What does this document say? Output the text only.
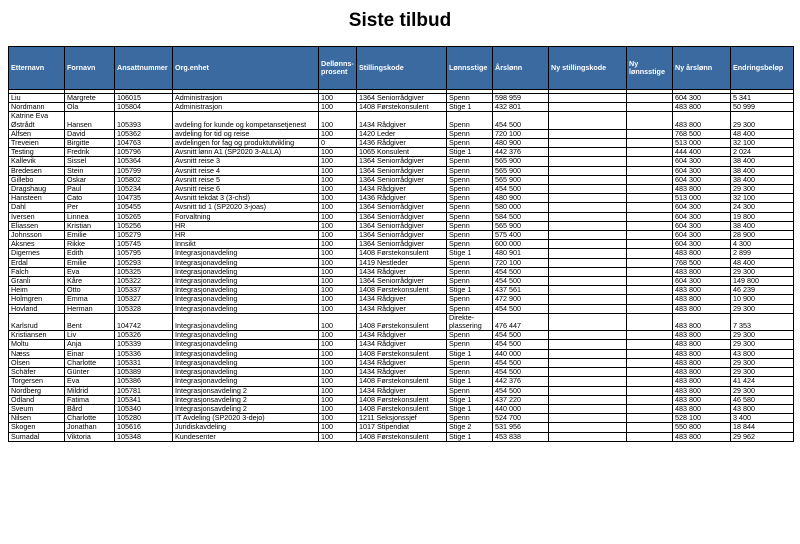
Siste tilbud
Etternavn	Fornavn	Ansattnummer	Org.enhet	Dellønns-prosent	Stillingskode	Lønnsstige	Årslønn	Ny stillingskode	Ny lønnsstige	Ny årslønn	Endringsbeløp

Liu	Margrete	106015	Administrasjon	100	1364 Seniorrådgiver	Spenn	598 959			604 300	5 341
Nordmann	Ola	105804	Administrasjon	100	1408 Førstekonsulent	Stige 1	432 801			483 800	50 999
Katrine Eva Østrådt	Hansen	105393	avdeling for kunde og kompetansetjenest	100	1434 Rådgiver	Spenn	454 500			483 800	29 300
Alfsen	David	105362	avdeling for tid og reise	100	1420 Leder	Spenn	720 100			768 500	48 400
Treveien	Birgitte	104763	avdelingen for fag og produktutvikling	0	1436 Rådgiver	Spenn	480 900			513 000	32 100
Testing	Fredrik	105796	Avsnitt lønn A1 (SP2020 3-ALLA)	100	1065 Konsulent	Stige 1	442 376			444 400	2 024
Kallevik	Sissel	105364	Avsnitt reise 3	100	1364 Seniorrådgiver	Spenn	565 900			604 300	38 400
Bredesen	Stein	105799	Avsnitt reise 4	100	1364 Seniorrådgiver	Spenn	565 900			604 300	38 400
Gillebo	Oskar	105802	Avsnitt reise 5	100	1364 Seniorrådgiver	Spenn	565 900			604 300	38 400
Dragshaug	Paul	105234	Avsnitt reise 6	100	1434 Rådgiver	Spenn	454 500			483 800	29 300
Hansteen	Cato	104735	Avsnitt tekdat 3 (3-chsl)	100	1436 Rådgiver	Spenn	480 900			513 000	32 100
Dahl	Per	105455	Avsnitt tid 1 (SP2020 3-joas)	100	1364 Seniorrådgiver	Spenn	580 000			604 300	24 300
Iversen	Linnea	105265	Forvaltning	100	1364 Seniorrådgiver	Spenn	584 500			604 300	19 800
Eliassen	Kristian	105256	HR	100	1364 Seniorrådgiver	Spenn	565 900			604 300	38 400
Johnsson	Emilie	105279	HR	100	1364 Seniorrådgiver	Spenn	575 400			604 300	28 900
Aksnes	Rikke	105745	Innsikt	100	1364 Seniorrådgiver	Spenn	600 000			604 300	4 300
Digernes	Edith	105795	Integrasjonavdeling	100	1408 Førstekonsulent	Stige 1	480 901			483 800	2 899
Erdal	Emilie	105293	Integrasjonavdeling	100	1419 Nestleder	Spenn	720 100			768 500	48 400
Falch	Eva	105325	Integrasjonavdeling	100	1434 Rådgiver	Spenn	454 500			483 800	29 300
Granli	Kåre	105322	Integrasjonavdeling	100	1364 Seniorrådgiver	Spenn	454 500			604 300	149 800
Heim	Otto	105337	Integrasjonavdeling	100	1408 Førstekonsulent	Stige 1	437 561			483 800	46 239
Holmgren	Emma	105327	Integrasjonavdeling	100	1434 Rådgiver	Spenn	472 900			483 800	10 900
Hovland	Herman	105328	Integrasjonavdeling	100	1434 Rådgiver	Spenn	454 500			483 800	29 300
Karlsrud	Bent	104742	Integrasjonavdeling	100	1408 Førstekonsulent	Direkte-plassering	476 447			483 800	7 353
Kristiansen	Liv	105326	Integrasjonavdeling	100	1434 Rådgiver	Spenn	454 500			483 800	29 300
Moltu	Anja	105339	Integrasjonavdeling	100	1434 Rådgiver	Spenn	454 500			483 800	29 300
Næss	Einar	105336	Integrasjonavdeling	100	1408 Førstekonsulent	Stige 1	440 000			483 800	43 800
Olsen	Charlotte	105331	Integrasjonavdeling	100	1434 Rådgiver	Spenn	454 500			483 800	29 300
Schäfer	Günter	105389	Integrasjonavdeling	100	1434 Rådgiver	Spenn	454 500			483 800	29 300
Torgersen	Eva	105386	Integrasjonavdeling	100	1408 Førstekonsulent	Stige 1	442 376			483 800	41 424
Nordberg	Mildrid	105781	Integrasjonsavdeling 2	100	1434 Rådgiver	Spenn	454 500			483 800	29 300
Odland	Fatima	105341	Integrasjonsavdeling 2	100	1408 Førstekonsulent	Stige 1	437 220			483 800	46 580
Sveum	Bård	105340	Integrasjonsavdeling 2	100	1408 Førstekonsulent	Stige 1	440 000			483 800	43 800
Nilsen	Charlotte	105280	IT Avdeling (SP2020 3-dejo)	100	1211 Seksjonssjef	Spenn	524 700			528 100	3 400
Skogen	Jonathan	105616	Juridiskavdeling	100	1017 Stipendiat	Stige 2	531 956			550 800	18 844
Sumadal	Viktoria	105348	Kundesenter	100	1408 Førstekonsulent	Stige 1	453 838			483 800	29 962
